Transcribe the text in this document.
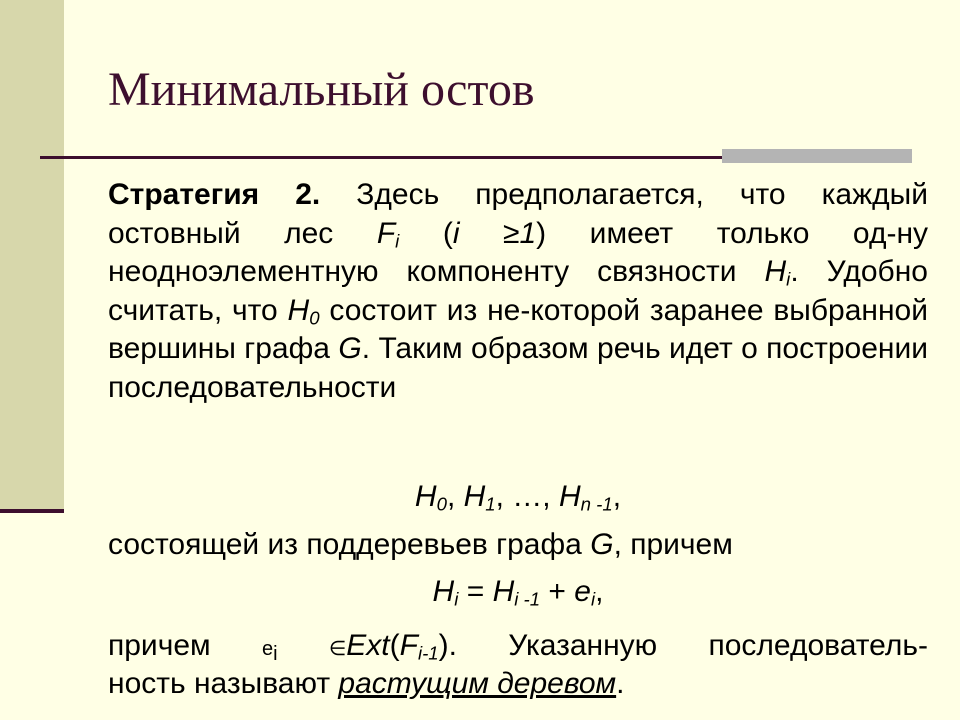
Минимальный остов
Стратегия 2. Здесь предполагается, что каждый остовный лес $F_i$ (i ≥1) имеет только од-ну неодноэлементную компоненту связности $H_i$. Удобно считать, что $H_0$ состоит из не-которой заранее выбранной вершины графа G. Таким образом речь идет о построении последовательности
$H_0$, $H_1$, …, $H_{n -1}$,
состоящей из поддеревьев графа G, причем
$H_i = H_{i -1} + e_i$,
причем	$e_i$	$\in Ext(F_{i-1})$. Указанную последователь-
ность называют растущим деревом.
